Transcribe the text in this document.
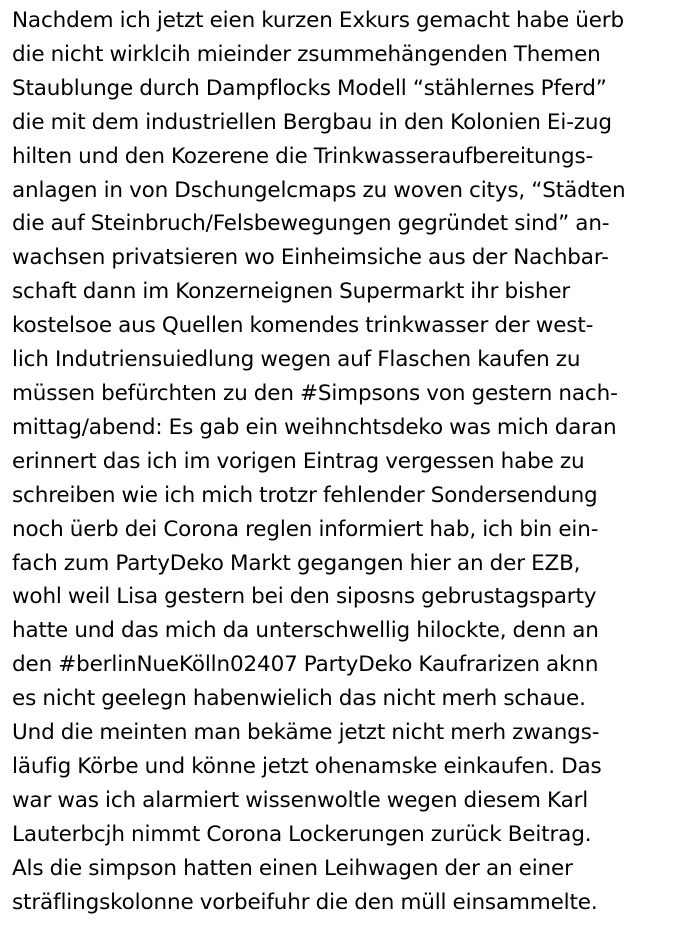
Nachdem ich jetzt eien kurzen Exkurs gemacht habe üerb
die nicht wirklcih mieinder zsummehängenden Themen
Staublunge durch Dampflocks Modell “stählernes Pferd”
die mit dem industriellen Bergbau in den Kolonien Ei-zug
hilten und den Kozerene die Trinkwasseraufbereitungs-
anlagen in von Dschungelcmaps zu woven citys, “Städten
die auf Steinbruch/Felsbewegungen gegründet sind” an-
wachsen privatsieren wo Einheimsiche aus der Nachbar-
schaft dann im Konzerneignen Supermarkt ihr bisher
kostelsoe aus Quellen komendes trinkwasser der west-
lich Indutriensuiedlung wegen auf Flaschen kaufen zu
müssen befürchten zu den #Simpsons von gestern nach-
mittag/abend: Es gab ein weihnchtsdeko was mich daran
erinnert das ich im vorigen Eintrag vergessen habe zu
schreiben wie ich mich trotzr fehlender Sondersendung
noch üerb dei Corona reglen informiert hab, ich bin ein-
fach zum PartyDeko Markt gegangen hier an der EZB,
wohl weil Lisa gestern bei den siposns gebrustagsparty
hatte und das mich da unterschwellig hilockte, denn an
den #berlinNueKölln02407 PartyDeko Kaufrarizen aknn
es nicht geelegn habenwielich das nicht merh schaue.
Und die meinten man bekäme jetzt nicht merh zwangs-
läufig Körbe und könne jetzt ohenamske einkaufen. Das
war was ich alarmiert wissenwoltle wegen diesem Karl
Lauterbcjh nimmt Corona Lockerungen zurück Beitrag.
Als die simpson hatten einen Leihwagen der an einer
sträflingskolonne vorbeifuhr die den müll einsammelte.
